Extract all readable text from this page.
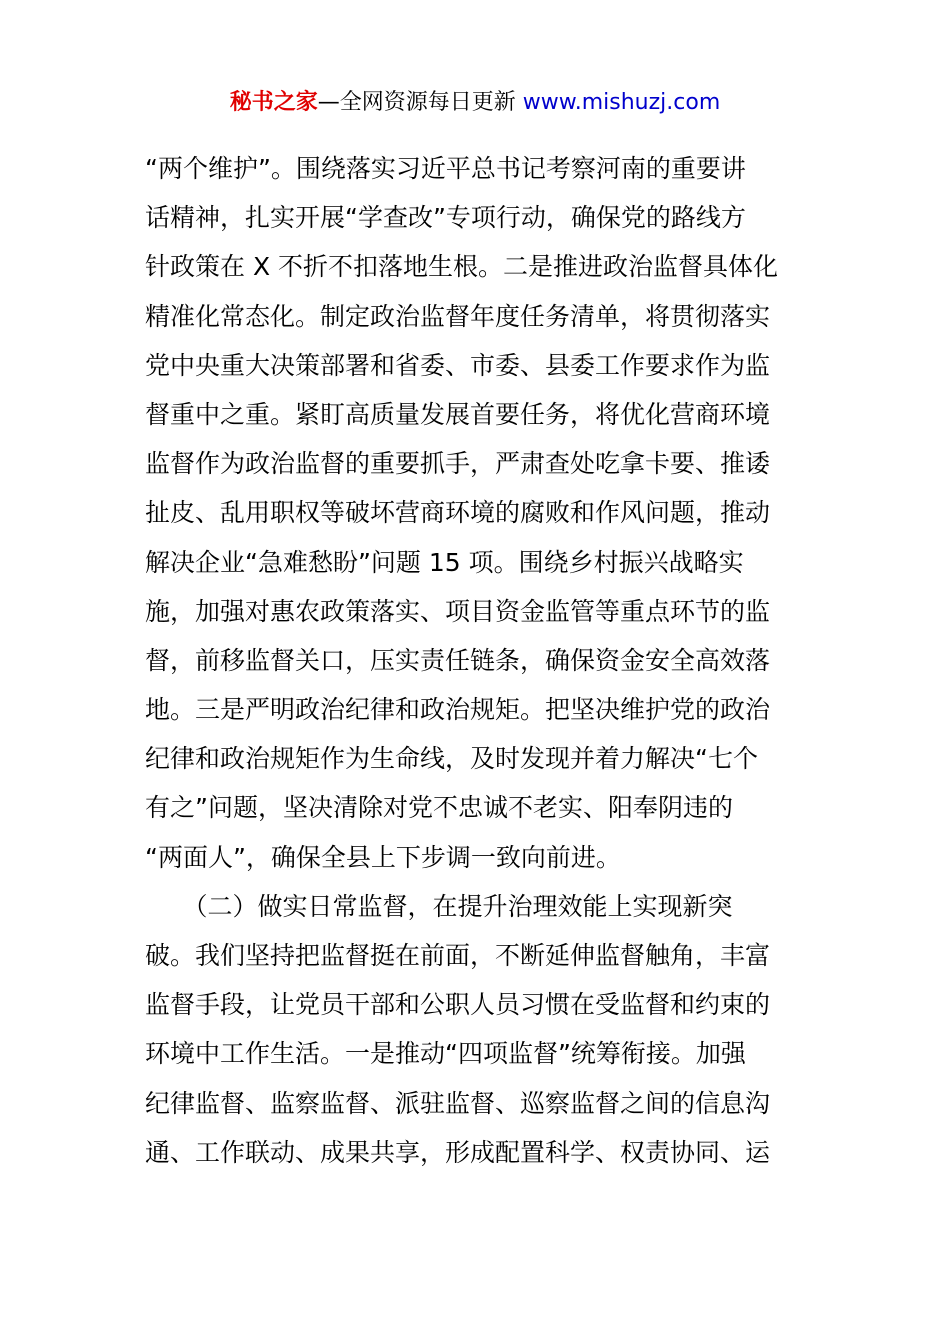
秘书之家—全网资源每日更新 www.mishuzj.com
“两个维护”。围绕落实习近平总书记考察河南的重要讲
话精神，扎实开展“学查改”专项行动，确保党的路线方
针政策在 X 不折不扣落地生根。二是推进政治监督具体化
精准化常态化。制定政治监督年度任务清单，将贯彻落实
党中央重大决策部署和省委、市委、县委工作要求作为监
督重中之重。紧盯高质量发展首要任务，将优化营商环境
监督作为政治监督的重要抓手，严肃查处吃拿卡要、推诿
扯皮、乱用职权等破坏营商环境的腐败和作风问题，推动
解决企业“急难愁盼”问题 15 项。围绕乡村振兴战略实
施，加强对惠农政策落实、项目资金监管等重点环节的监
督，前移监督关口，压实责任链条，确保资金安全高效落
地。三是严明政治纪律和政治规矩。把坚决维护党的政治
纪律和政治规矩作为生命线，及时发现并着力解决“七个
有之”问题，坚决清除对党不忠诚不老实、阳奉阴违的
“两面人”，确保全县上下步调一致向前进。
　　（二）做实日常监督，在提升治理效能上实现新突
破。我们坚持把监督挺在前面，不断延伸监督触角，丰富
监督手段，让党员干部和公职人员习惯在受监督和约束的
环境中工作生活。一是推动“四项监督”统筹衔接。加强
纪律监督、监察监督、派驻监督、巡察监督之间的信息沟
通、工作联动、成果共享，形成配置科学、权责协同、运
